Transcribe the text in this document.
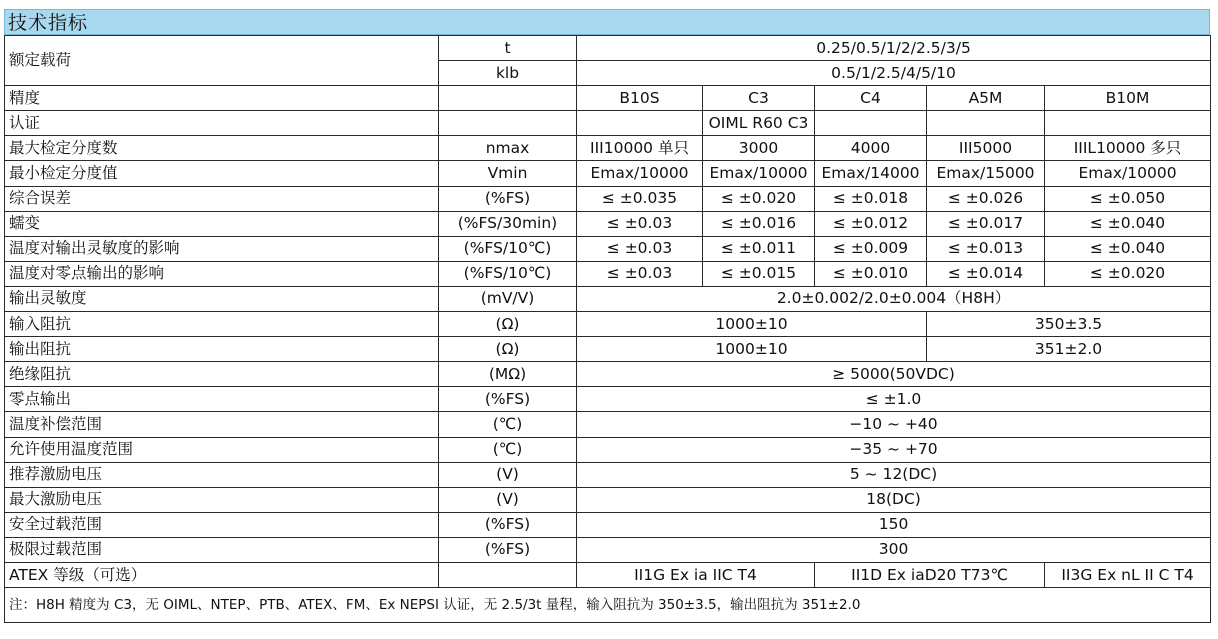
技术指标
额定载荷	t	0.25/0.5/1/2/2.5/3/5				
	klb	0.5/1/2.5/4/5/10				
精度		B10S	C3	C4	A5M	B10M
认证			OIML R60 C3			
最大检定分度数	nmax	III10000 单只	3000	4000	III5000	IIIL10000 多只
最小检定分度值	Vmin	Emax/10000	Emax/10000	Emax/14000	Emax/15000	Emax/10000
综合误差	(%FS)	≤ ±0.035	≤ ±0.020	≤ ±0.018	≤ ±0.026	≤ ±0.050
蠕变	(%FS/30min)	≤ ±0.03	≤ ±0.016	≤ ±0.012	≤ ±0.017	≤ ±0.040
温度对输出灵敏度的影响	(%FS/10℃)	≤ ±0.03	≤ ±0.011	≤ ±0.009	≤ ±0.013	≤ ±0.040
温度对零点输出的影响	(%FS/10℃)	≤ ±0.03	≤ ±0.015	≤ ±0.010	≤ ±0.014	≤ ±0.020
输出灵敏度	(mV/V)	2.0±0.002/2.0±0.004（H8H）				
输入阻抗	(Ω)	1000±10			350±3.5	
输出阻抗	(Ω)	1000±10			351±2.0	
绝缘阻抗	(MΩ)	≥ 5000(50VDC)				
零点输出	(%FS)	≤ ±1.0				
温度补偿范围	(℃)	−10 ~ +40				
允许使用温度范围	(℃)	−35 ~ +70				
推荐激励电压	(V)	5 ~ 12(DC)				
最大激励电压	(V)	18(DC)				
安全过载范围	(%FS)	150				
极限过载范围	(%FS)	300				
ATEX 等级（可选）		II1G Ex ia IIC T4		II1D Ex iaD20 T73℃		II3G Ex nL II C T4
注：H8H 精度为 C3，无 OIML、NTEP、PTB、ATEX、FM、Ex NEPSI 认证，无 2.5/3t 量程，输入阻抗为 350±3.5，输出阻抗为 351±2.0						
